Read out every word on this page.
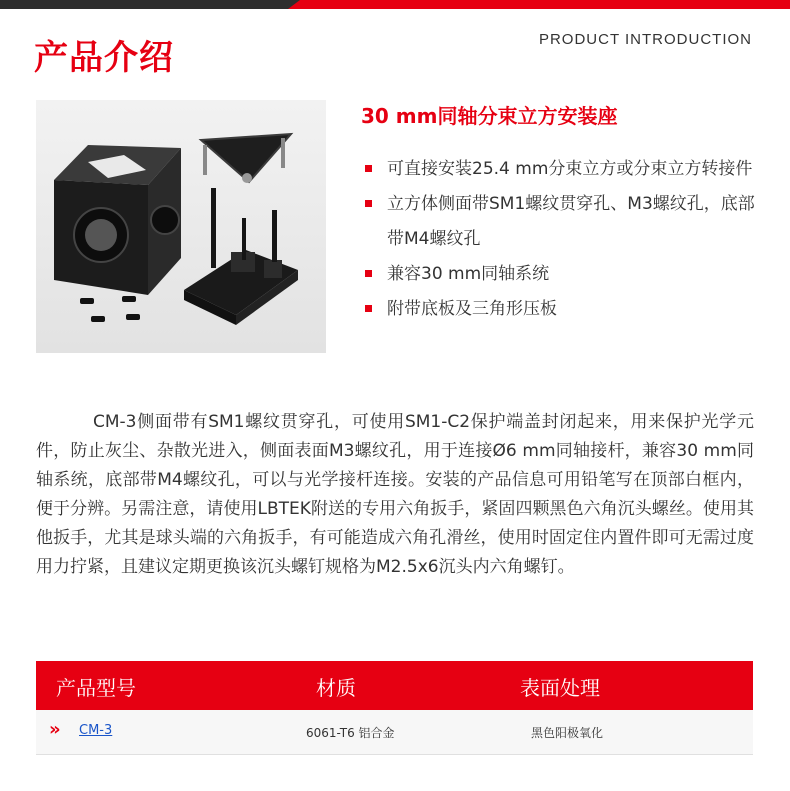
产品介绍	PRODUCT INTRODUCTION
30 mm同轴分束立方安装座
可直接安装25.4 mm分束立方或分束立方转接件
立方体侧面带SM1螺纹贯穿孔、M3螺纹孔，底部带M4螺纹孔
兼容30 mm同轴系统
附带底板及三角形压板

CM-3侧面带有SM1螺纹贯穿孔，可使用SM1-C2保护端盖封闭起来，用来保护光学元件，防止灰尘、杂散光进入，侧面表面M3螺纹孔，用于连接Ø6 mm同轴接杆，兼容30 mm同轴系统，底部带M4螺纹孔，可以与光学接杆连接。安装的产品信息可用铅笔写在顶部白框内，便于分辨。另需注意，请使用LBTEK附送的专用六角扳手，紧固四颗黑色六角沉头螺丝。使用其他扳手，尤其是球头端的六角扳手，有可能造成六角孔滑丝，使用时固定住内置件即可无需过度用力拧紧，且建议定期更换该沉头螺钉规格为M2.5x6沉头内六角螺钉。

产品型号	材质	表面处理
» CM-3	6061-T6 铝合金	黑色阳极氧化
